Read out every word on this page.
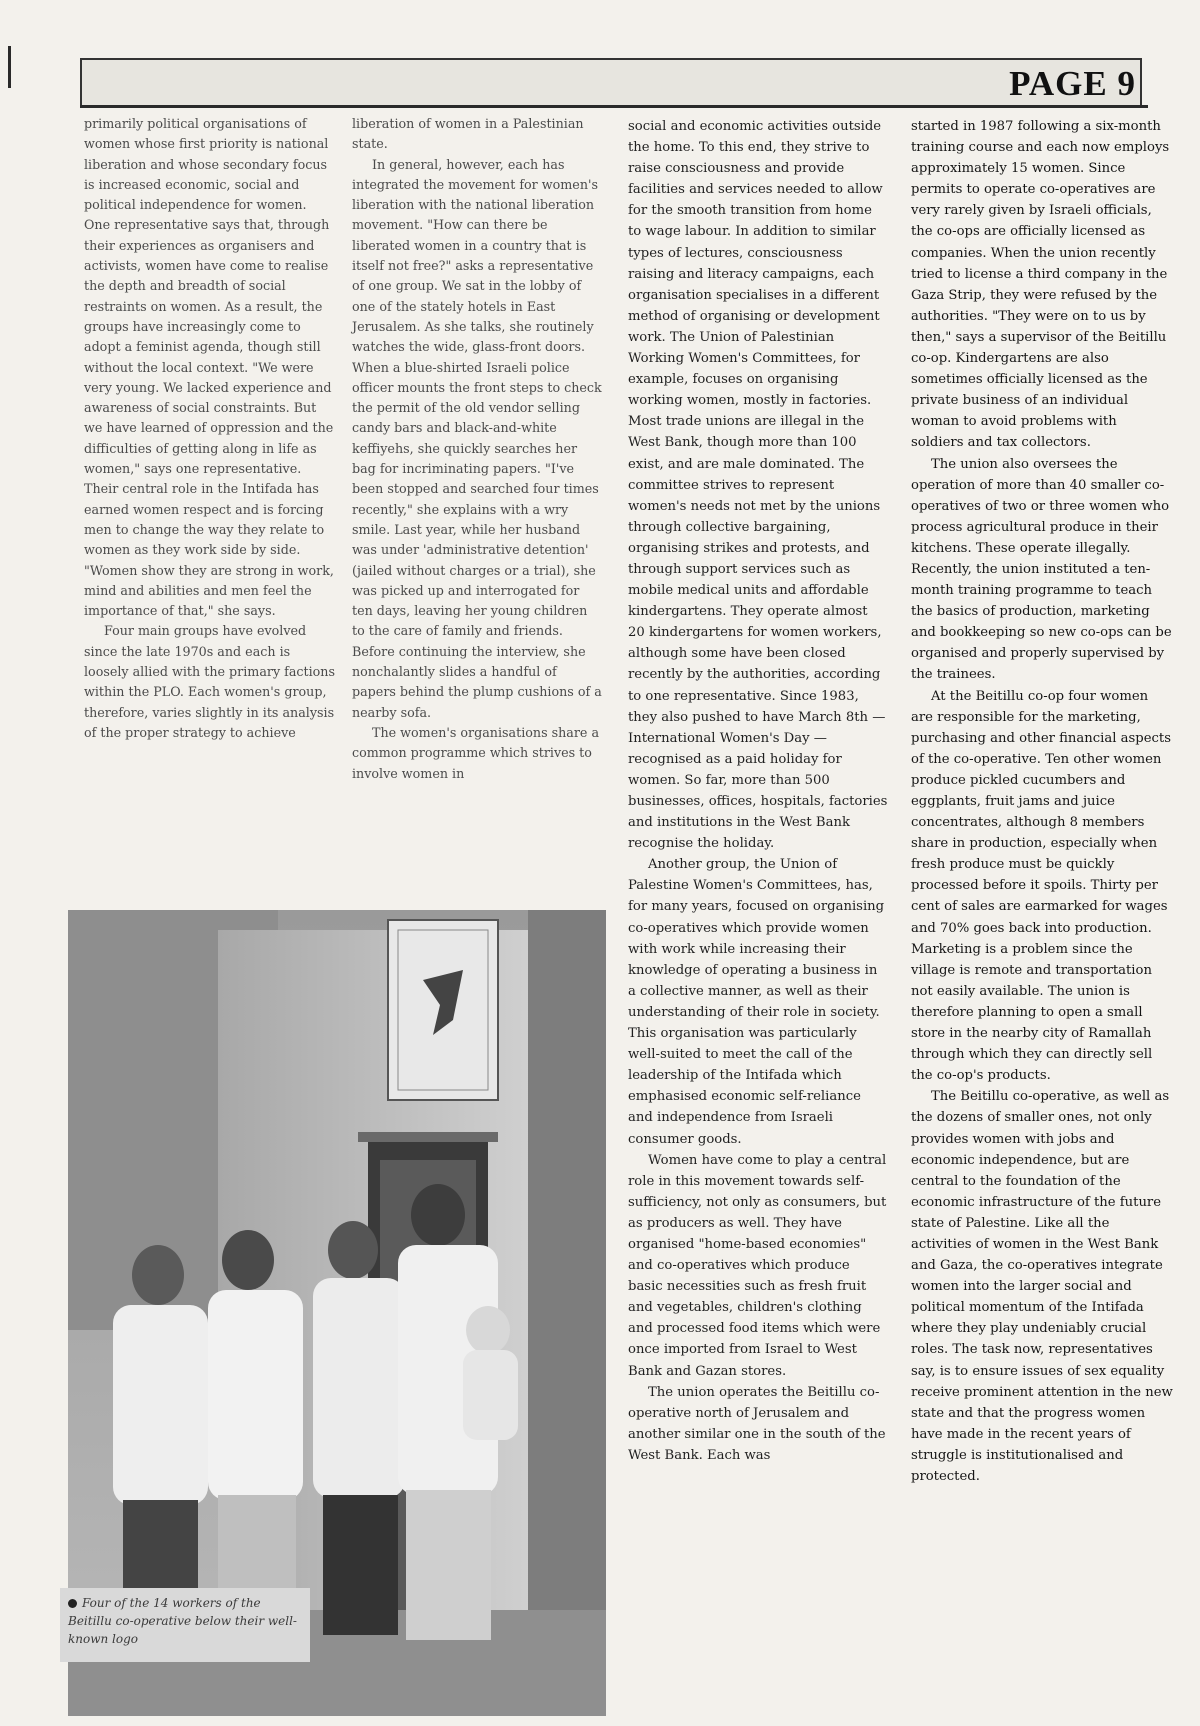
PAGE 9

primarily political organisations of women whose first priority is national liberation and whose secondary focus is increased economic, social and political independence for women. One representative says that, through their experiences as organisers and activists, women have come to realise the depth and breadth of social restraints on women. As a result, the groups have increasingly come to adopt a feminist agenda, though still without the local context. "We were very young. We lacked experience and awareness of social constraints. But we have learned of oppression and the difficulties of getting along in life as women," says one representative. Their central role in the Intifada has earned women respect and is forcing men to change the way they relate to women as they work side by side. "Women show they are strong in work, mind and abilities and men feel the importance of that," she says.

Four main groups have evolved since the late 1970s and each is loosely allied with the primary factions within the PLO. Each women's group, therefore, varies slightly in its analysis of the proper strategy to achieve

liberation of women in a Palestinian state.

In general, however, each has integrated the movement for women's liberation with the national liberation movement. "How can there be liberated women in a country that is itself not free?" asks a representative of one group. We sat in the lobby of one of the stately hotels in East Jerusalem. As she talks, she routinely watches the wide, glass-front doors. When a blue-shirted Israeli police officer mounts the front steps to check the permit of the old vendor selling candy bars and black-and-white keffiyehs, she quickly searches her bag for incriminating papers. "I've been stopped and searched four times recently," she explains with a wry smile. Last year, while her husband was under 'administrative detention' (jailed without charges or a trial), she was picked up and interrogated for ten days, leaving her young children to the care of family and friends. Before continuing the interview, she nonchalantly slides a handful of papers behind the plump cushions of a nearby sofa.

The women's organisations share a common programme which strives to involve women in

social and economic activities outside the home. To this end, they strive to raise consciousness and provide facilities and services needed to allow for the smooth transition from home to wage labour. In addition to similar types of lectures, consciousness raising and literacy campaigns, each organisation specialises in a different method of organising or development work. The Union of Palestinian Working Women's Committees, for example, focuses on organising working women, mostly in factories. Most trade unions are illegal in the West Bank, though more than 100 exist, and are male dominated. The committee strives to represent women's needs not met by the unions through collective bargaining, organising strikes and protests, and through support services such as mobile medical units and affordable kindergartens. They operate almost 20 kindergartens for women workers, although some have been closed recently by the authorities, according to one representative. Since 1983, they also pushed to have March 8th — International Women's Day — recognised as a paid holiday for women. So far, more than 500 businesses, offices, hospitals, factories and institutions in the West Bank recognise the holiday.

Another group, the Union of Palestine Women's Committees, has, for many years, focused on organising co-operatives which provide women with work while increasing their knowledge of operating a business in a collective manner, as well as their understanding of their role in society. This organisation was particularly well-suited to meet the call of the leadership of the Intifada which emphasised economic self-reliance and independence from Israeli consumer goods.

Women have come to play a central role in this movement towards self-sufficiency, not only as consumers, but as producers as well. They have organised "home-based economies" and co-operatives which produce basic necessities such as fresh fruit and vegetables, children's clothing and processed food items which were once imported from Israel to West Bank and Gazan stores.

The union operates the Beitillu co-operative north of Jerusalem and another similar one in the south of the West Bank. Each was

started in 1987 following a six-month training course and each now employs approximately 15 women. Since permits to operate co-operatives are very rarely given by Israeli officials, the co-ops are officially licensed as companies. When the union recently tried to license a third company in the Gaza Strip, they were refused by the authorities. "They were on to us by then," says a supervisor of the Beitillu co-op. Kindergartens are also sometimes officially licensed as the private business of an individual woman to avoid problems with soldiers and tax collectors.

The union also oversees the operation of more than 40 smaller co-operatives of two or three women who process agricultural produce in their kitchens. These operate illegally. Recently, the union instituted a ten-month training programme to teach the basics of production, marketing and bookkeeping so new co-ops can be organised and properly supervised by the trainees.

At the Beitillu co-op four women are responsible for the marketing, purchasing and other financial aspects of the co-operative. Ten other women produce pickled cucumbers and eggplants, fruit jams and juice concentrates, although 8 members share in production, especially when fresh produce must be quickly processed before it spoils. Thirty per cent of sales are earmarked for wages and 70% goes back into production. Marketing is a problem since the village is remote and transportation not easily available. The union is therefore planning to open a small store in the nearby city of Ramallah through which they can directly sell the co-op's products.

The Beitillu co-operative, as well as the dozens of smaller ones, not only provides women with jobs and economic independence, but are central to the foundation of the economic infrastructure of the future state of Palestine. Like all the activities of women in the West Bank and Gaza, the co-operatives integrate women into the larger social and political momentum of the Intifada where they play undeniably crucial roles. The task now, representatives say, is to ensure issues of sex equality receive prominent attention in the new state and that the progress women have made in the recent years of struggle is institutionalised and protected.

Four of the 14 workers of the Beitillu co-operative below their well-known logo
